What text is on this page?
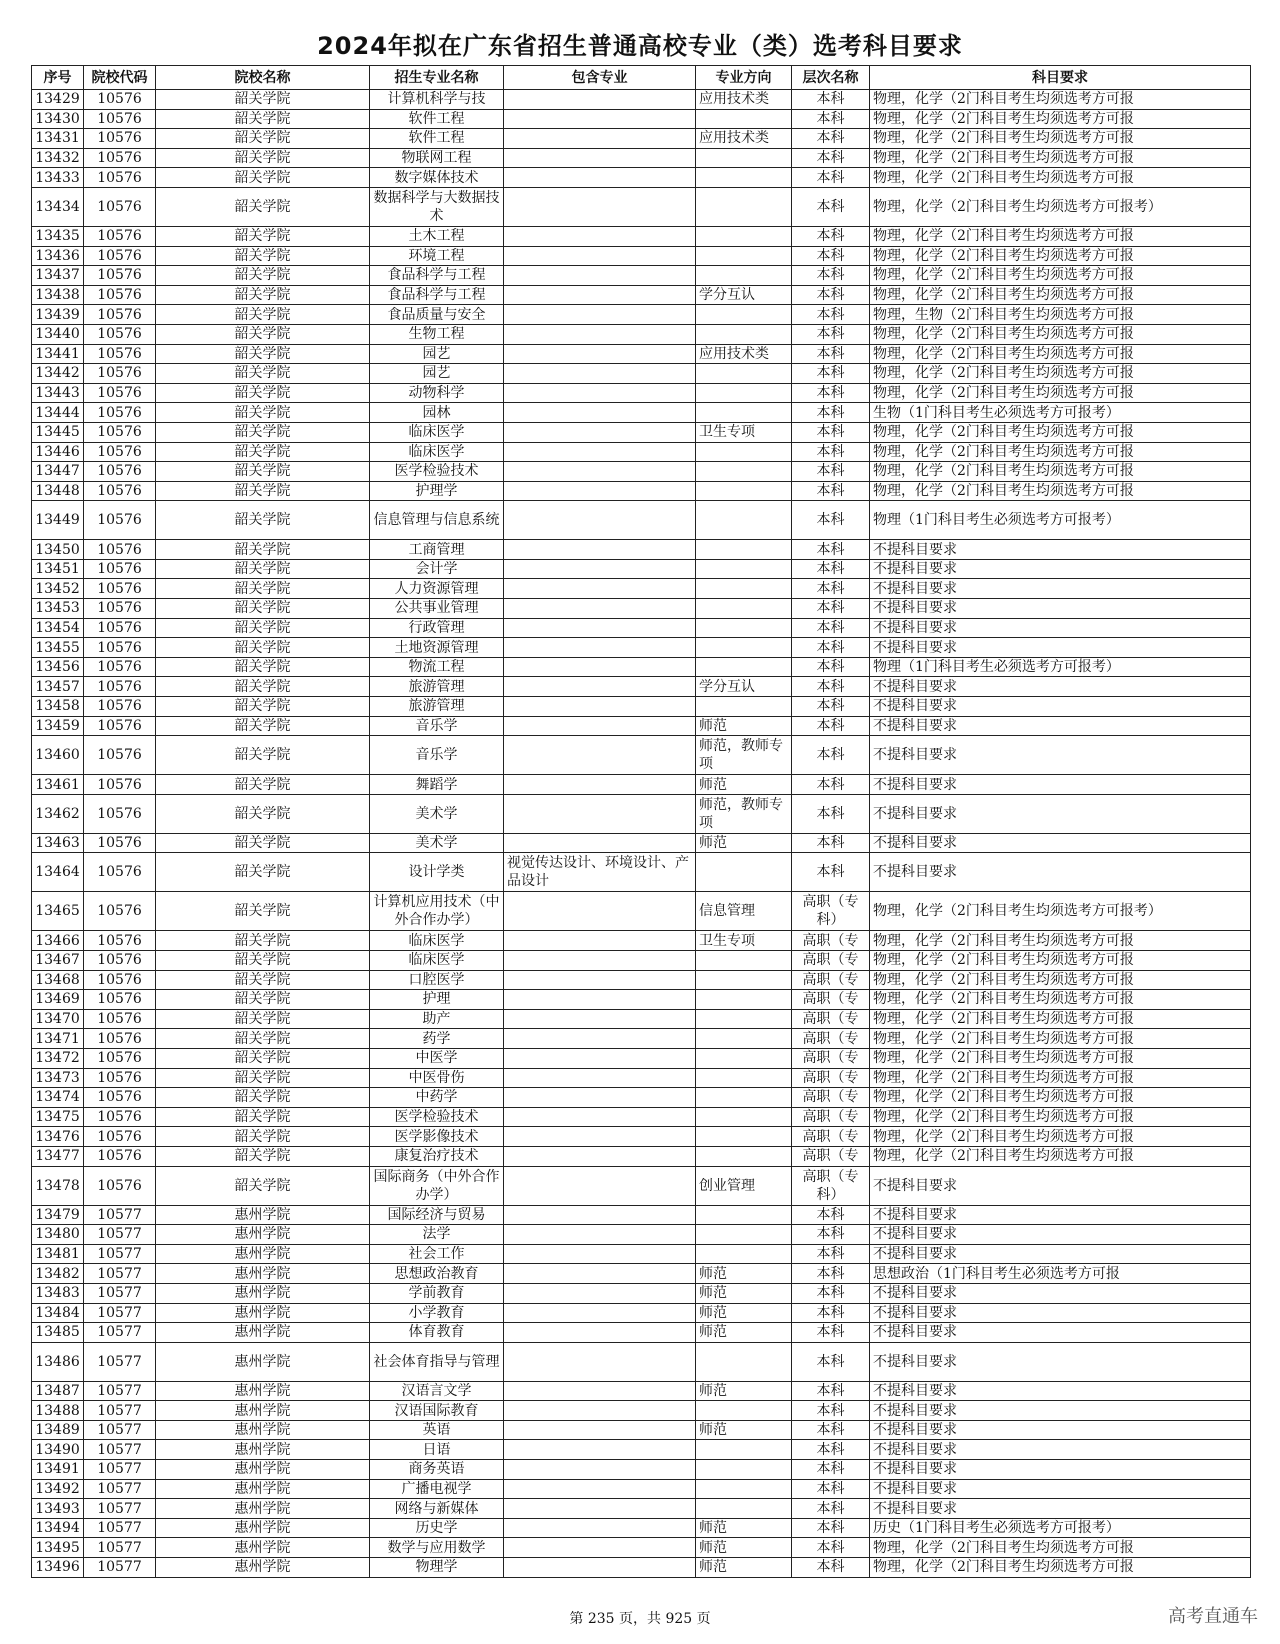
2024年拟在广东省招生普通高校专业（类）选考科目要求
序号	院校代码	院校名称	招生专业名称	包含专业	专业方向	层次名称	科目要求
13429	10576	韶关学院	计算机科学与技		应用技术类	本科	物理，化学（2门科目考生均须选考方可报
13430	10576	韶关学院	软件工程			本科	物理，化学（2门科目考生均须选考方可报
13431	10576	韶关学院	软件工程		应用技术类	本科	物理，化学（2门科目考生均须选考方可报
13432	10576	韶关学院	物联网工程			本科	物理，化学（2门科目考生均须选考方可报
13433	10576	韶关学院	数字媒体技术			本科	物理，化学（2门科目考生均须选考方可报
13434	10576	韶关学院	数据科学与大数据技术			本科	物理，化学（2门科目考生均须选考方可报考）
13435	10576	韶关学院	土木工程			本科	物理，化学（2门科目考生均须选考方可报
13436	10576	韶关学院	环境工程			本科	物理，化学（2门科目考生均须选考方可报
13437	10576	韶关学院	食品科学与工程			本科	物理，化学（2门科目考生均须选考方可报
13438	10576	韶关学院	食品科学与工程		学分互认	本科	物理，化学（2门科目考生均须选考方可报
13439	10576	韶关学院	食品质量与安全			本科	物理，生物（2门科目考生均须选考方可报
13440	10576	韶关学院	生物工程			本科	物理，化学（2门科目考生均须选考方可报
13441	10576	韶关学院	园艺		应用技术类	本科	物理，化学（2门科目考生均须选考方可报
13442	10576	韶关学院	园艺			本科	物理，化学（2门科目考生均须选考方可报
13443	10576	韶关学院	动物科学			本科	物理，化学（2门科目考生均须选考方可报
13444	10576	韶关学院	园林			本科	生物（1门科目考生必须选考方可报考）
13445	10576	韶关学院	临床医学		卫生专项	本科	物理，化学（2门科目考生均须选考方可报
13446	10576	韶关学院	临床医学			本科	物理，化学（2门科目考生均须选考方可报
13447	10576	韶关学院	医学检验技术			本科	物理，化学（2门科目考生均须选考方可报
13448	10576	韶关学院	护理学			本科	物理，化学（2门科目考生均须选考方可报
13449	10576	韶关学院	信息管理与信息系统			本科	物理（1门科目考生必须选考方可报考）
13450	10576	韶关学院	工商管理			本科	不提科目要求
13451	10576	韶关学院	会计学			本科	不提科目要求
13452	10576	韶关学院	人力资源管理			本科	不提科目要求
13453	10576	韶关学院	公共事业管理			本科	不提科目要求
13454	10576	韶关学院	行政管理			本科	不提科目要求
13455	10576	韶关学院	土地资源管理			本科	不提科目要求
13456	10576	韶关学院	物流工程			本科	物理（1门科目考生必须选考方可报考）
13457	10576	韶关学院	旅游管理		学分互认	本科	不提科目要求
13458	10576	韶关学院	旅游管理			本科	不提科目要求
13459	10576	韶关学院	音乐学		师范	本科	不提科目要求
13460	10576	韶关学院	音乐学		师范，教师专项	本科	不提科目要求
13461	10576	韶关学院	舞蹈学		师范	本科	不提科目要求
13462	10576	韶关学院	美术学		师范，教师专项	本科	不提科目要求
13463	10576	韶关学院	美术学		师范	本科	不提科目要求
13464	10576	韶关学院	设计学类	视觉传达设计、环境设计、产品设计		本科	不提科目要求
13465	10576	韶关学院	计算机应用技术（中外合作办学）		信息管理	高职（专科）	物理，化学（2门科目考生均须选考方可报考）
13466	10576	韶关学院	临床医学		卫生专项	高职（专	物理，化学（2门科目考生均须选考方可报
13467	10576	韶关学院	临床医学			高职（专	物理，化学（2门科目考生均须选考方可报
13468	10576	韶关学院	口腔医学			高职（专	物理，化学（2门科目考生均须选考方可报
13469	10576	韶关学院	护理			高职（专	物理，化学（2门科目考生均须选考方可报
13470	10576	韶关学院	助产			高职（专	物理，化学（2门科目考生均须选考方可报
13471	10576	韶关学院	药学			高职（专	物理，化学（2门科目考生均须选考方可报
13472	10576	韶关学院	中医学			高职（专	物理，化学（2门科目考生均须选考方可报
13473	10576	韶关学院	中医骨伤			高职（专	物理，化学（2门科目考生均须选考方可报
13474	10576	韶关学院	中药学			高职（专	物理，化学（2门科目考生均须选考方可报
13475	10576	韶关学院	医学检验技术			高职（专	物理，化学（2门科目考生均须选考方可报
13476	10576	韶关学院	医学影像技术			高职（专	物理，化学（2门科目考生均须选考方可报
13477	10576	韶关学院	康复治疗技术			高职（专	物理，化学（2门科目考生均须选考方可报
13478	10576	韶关学院	国际商务（中外合作办学）		创业管理	高职（专科）	不提科目要求
13479	10577	惠州学院	国际经济与贸易			本科	不提科目要求
13480	10577	惠州学院	法学			本科	不提科目要求
13481	10577	惠州学院	社会工作			本科	不提科目要求
13482	10577	惠州学院	思想政治教育		师范	本科	思想政治（1门科目考生必须选考方可报
13483	10577	惠州学院	学前教育		师范	本科	不提科目要求
13484	10577	惠州学院	小学教育		师范	本科	不提科目要求
13485	10577	惠州学院	体育教育		师范	本科	不提科目要求
13486	10577	惠州学院	社会体育指导与管理			本科	不提科目要求
13487	10577	惠州学院	汉语言文学		师范	本科	不提科目要求
13488	10577	惠州学院	汉语国际教育			本科	不提科目要求
13489	10577	惠州学院	英语		师范	本科	不提科目要求
13490	10577	惠州学院	日语			本科	不提科目要求
13491	10577	惠州学院	商务英语			本科	不提科目要求
13492	10577	惠州学院	广播电视学			本科	不提科目要求
13493	10577	惠州学院	网络与新媒体			本科	不提科目要求
13494	10577	惠州学院	历史学		师范	本科	历史（1门科目考生必须选考方可报考）
13495	10577	惠州学院	数学与应用数学		师范	本科	物理，化学（2门科目考生均须选考方可报
13496	10577	惠州学院	物理学		师范	本科	物理，化学（2门科目考生均须选考方可报
第 235 页，共 925 页	高考直通车
